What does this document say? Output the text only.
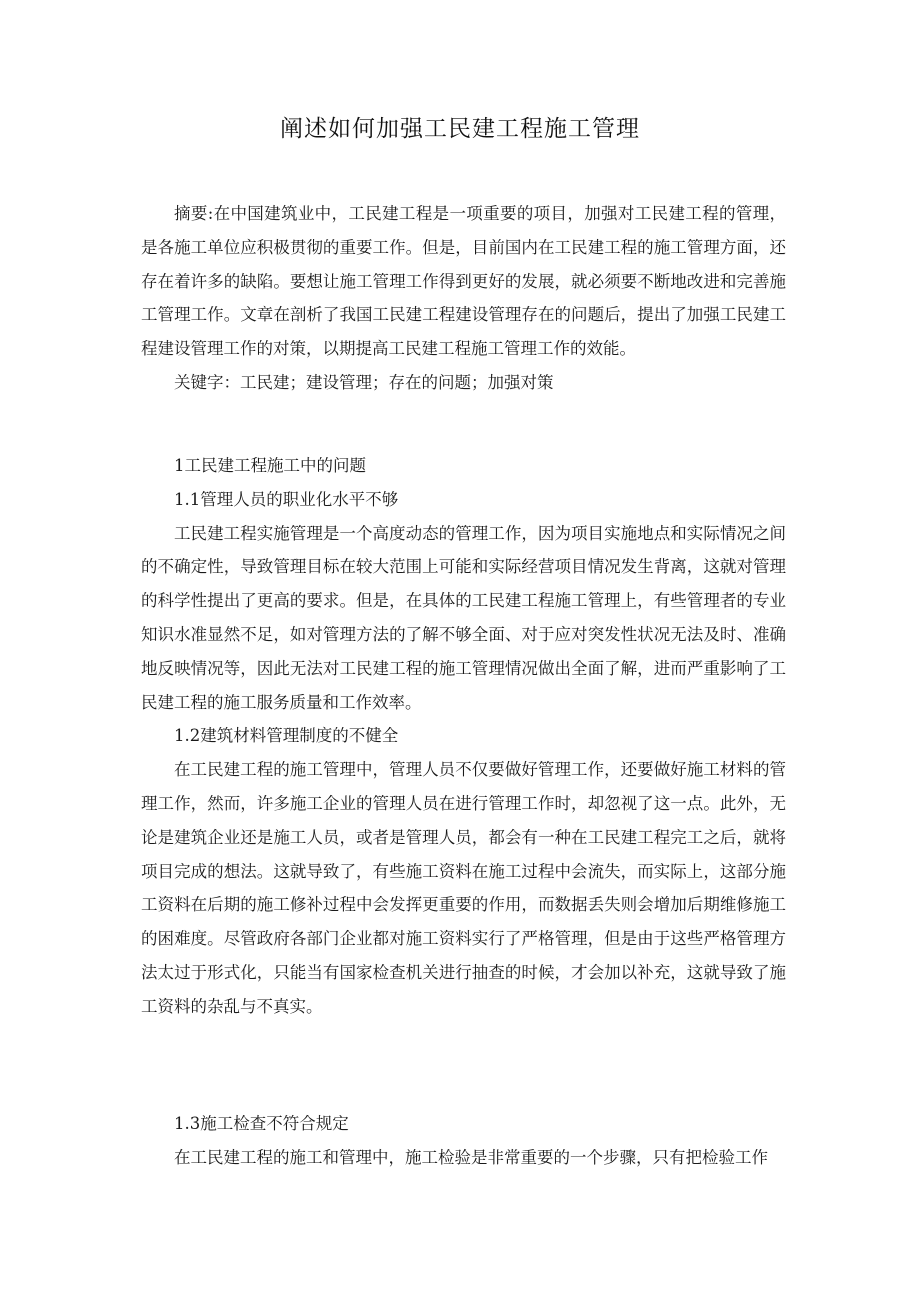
阐述如何加强工民建工程施工管理

摘要:在中国建筑业中，工民建工程是一项重要的项目，加强对工民建工程的管理，是各施工单位应积极贯彻的重要工作。但是，目前国内在工民建工程的施工管理方面，还存在着许多的缺陷。要想让施工管理工作得到更好的发展，就必须要不断地改进和完善施工管理工作。文章在剖析了我国工民建工程建设管理存在的问题后，提出了加强工民建工程建设管理工作的对策，以期提高工民建工程施工管理工作的效能。

关键字：工民建；建设管理；存在的问题；加强对策

1工民建工程施工中的问题

1.1管理人员的职业化水平不够

工民建工程实施管理是一个高度动态的管理工作，因为项目实施地点和实际情况之间的不确定性，导致管理目标在较大范围上可能和实际经营项目情况发生背离，这就对管理的科学性提出了更高的要求。但是，在具体的工民建工程施工管理上，有些管理者的专业知识水准显然不足，如对管理方法的了解不够全面、对于应对突发性状况无法及时、准确地反映情况等，因此无法对工民建工程的施工管理情况做出全面了解，进而严重影响了工民建工程的施工服务质量和工作效率。

1.2建筑材料管理制度的不健全

在工民建工程的施工管理中，管理人员不仅要做好管理工作，还要做好施工材料的管理工作，然而，许多施工企业的管理人员在进行管理工作时，却忽视了这一点。此外，无论是建筑企业还是施工人员，或者是管理人员，都会有一种在工民建工程完工之后，就将项目完成的想法。这就导致了，有些施工资料在施工过程中会流失，而实际上，这部分施工资料在后期的施工修补过程中会发挥更重要的作用，而数据丢失则会增加后期维修施工的困难度。尽管政府各部门企业都对施工资料实行了严格管理，但是由于这些严格管理方法太过于形式化，只能当有国家检查机关进行抽查的时候，才会加以补充，这就导致了施工资料的杂乱与不真实。

1.3施工检查不符合规定

在工民建工程的施工和管理中，施工检验是非常重要的一个步骤，只有把检验工作
